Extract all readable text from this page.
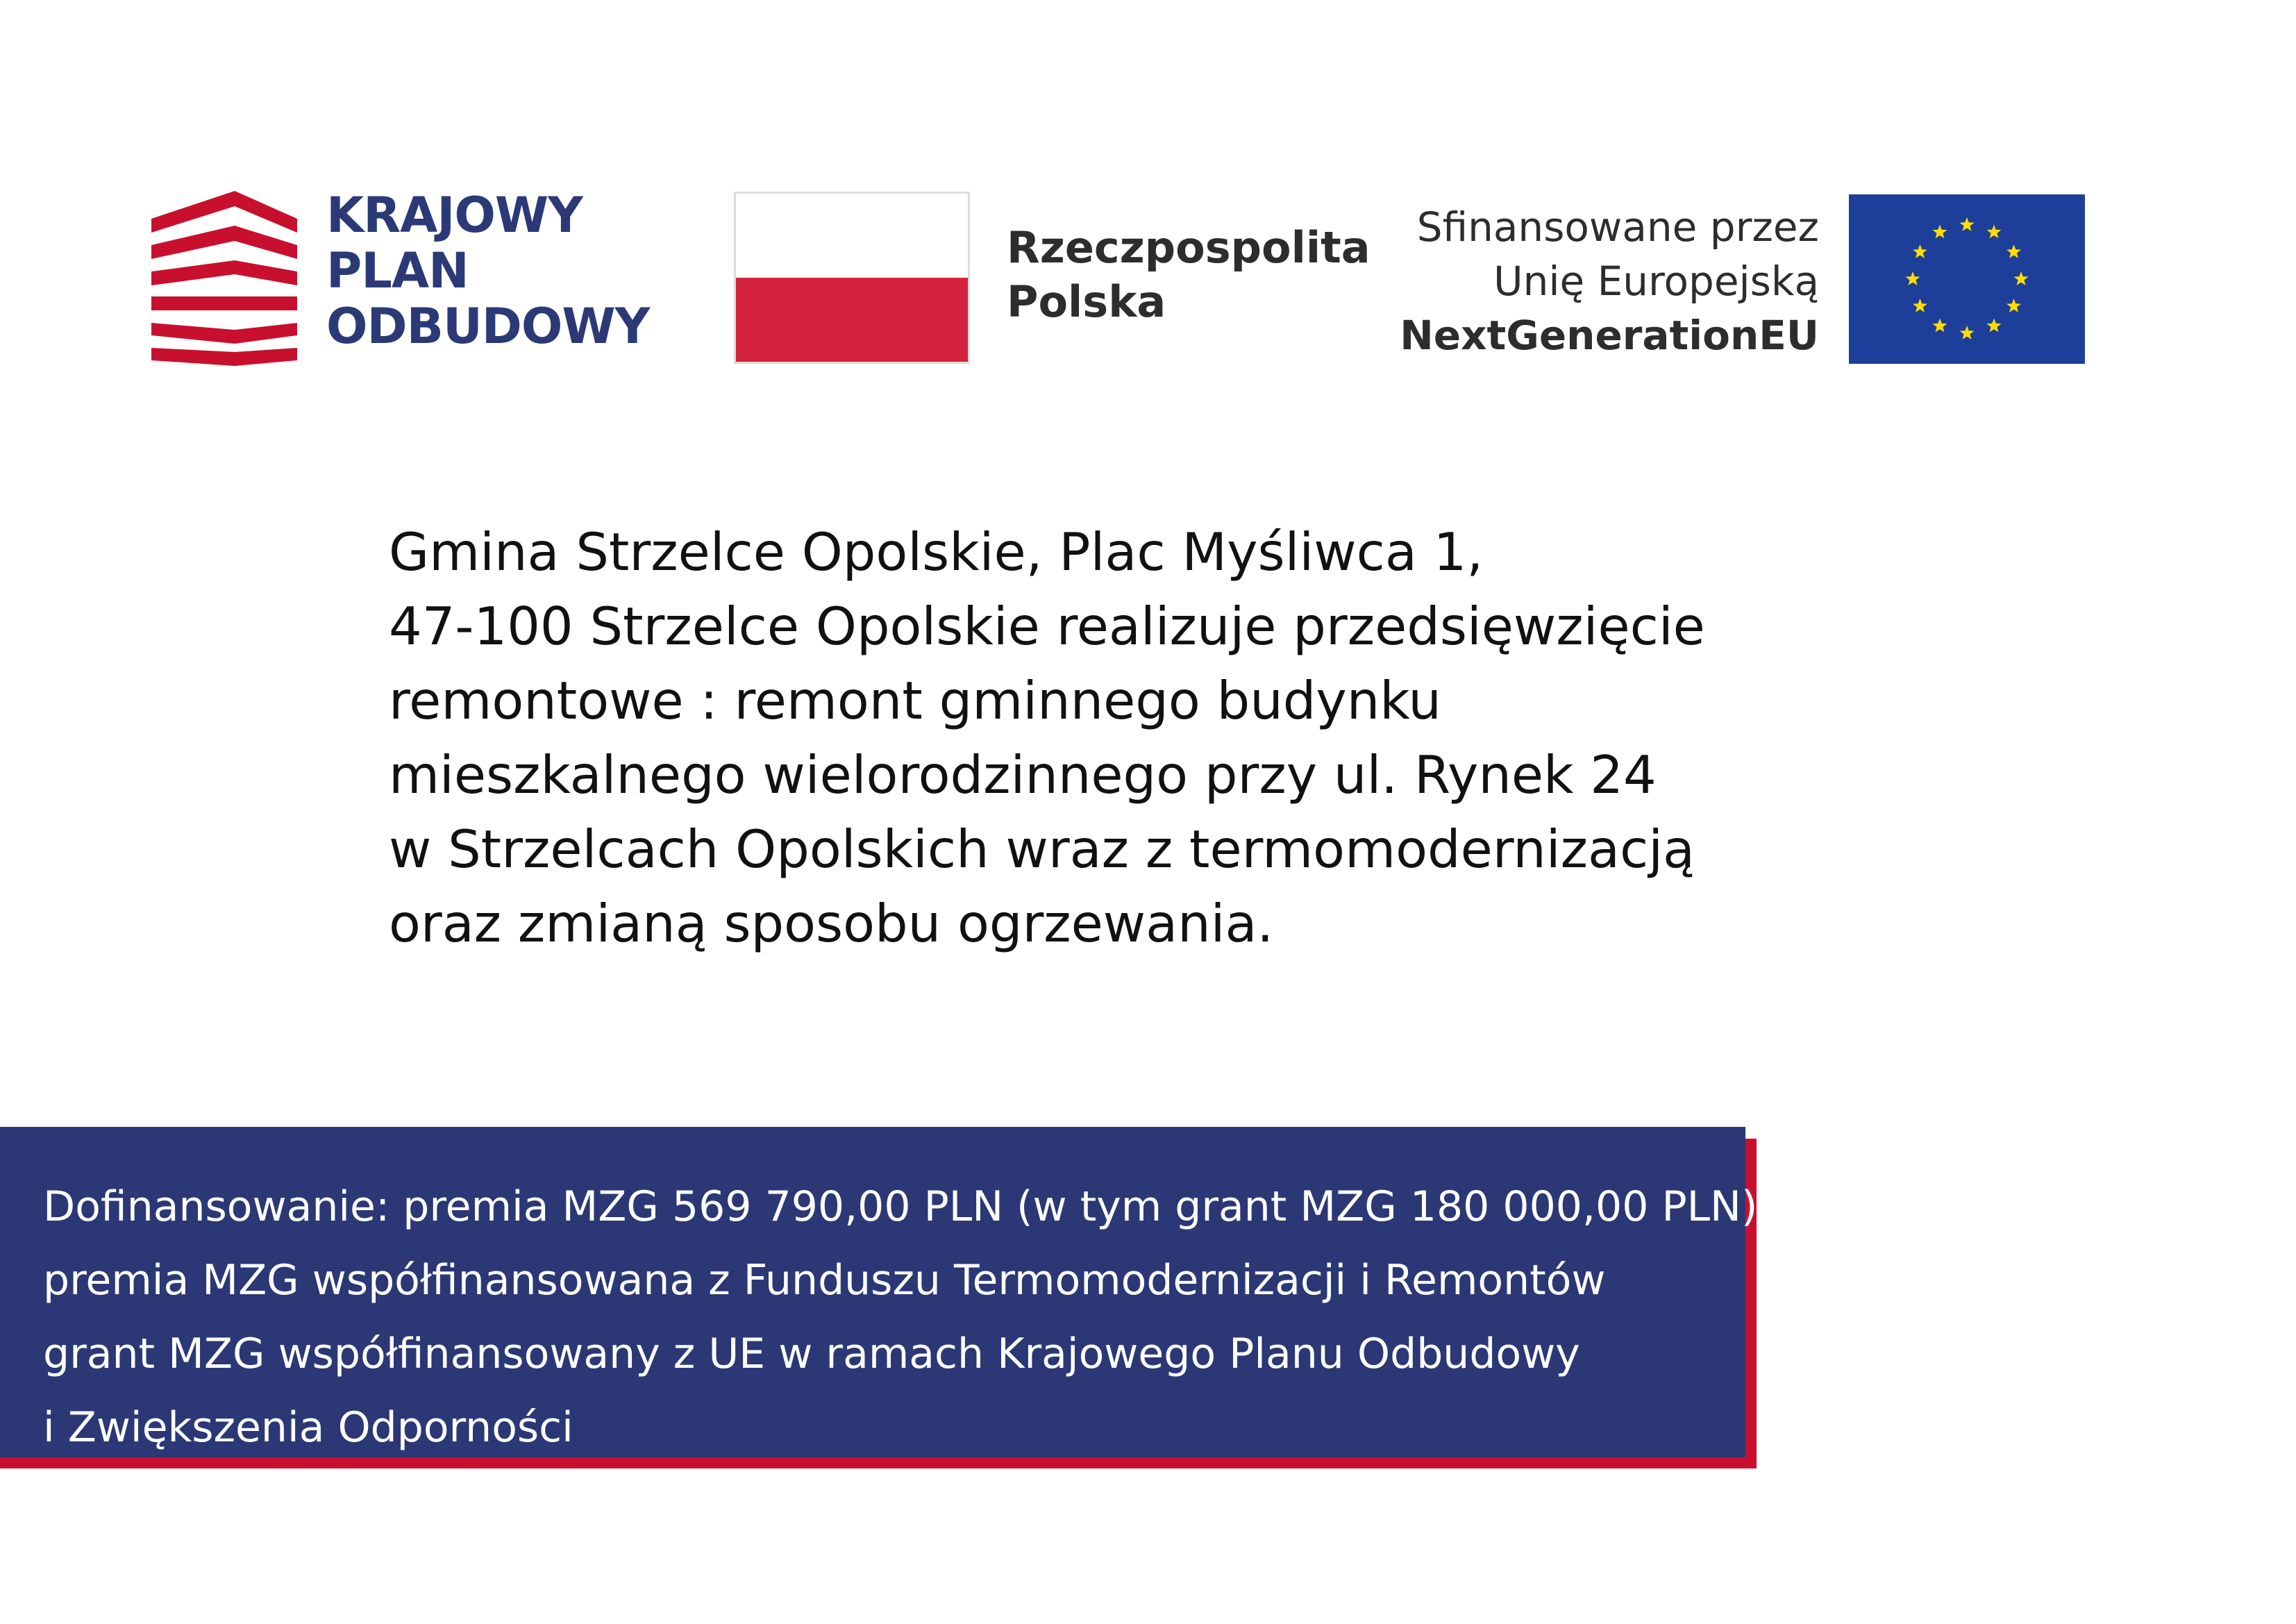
KRAJOWY
PLAN
ODBUDOWY
Rzeczpospolita
Polska
Sfinansowane przez
Unię Europejską
NextGenerationEU
Gmina Strzelce Opolskie, Plac Myśliwca 1,
47-100 Strzelce Opolskie realizuje przedsięwzięcie
remontowe : remont gminnego budynku
mieszkalnego wielorodzinnego przy ul. Rynek 24
w Strzelcach Opolskich wraz z termomodernizacją
oraz zmianą sposobu ogrzewania.
Dofinansowanie: premia MZG 569 790,00 PLN (w tym grant MZG 180 000,00 PLN)
premia MZG współfinansowana z Funduszu Termomodernizacji i Remontów
grant MZG współfinansowany z UE w ramach Krajowego Planu Odbudowy
i Zwiększenia Odporności
